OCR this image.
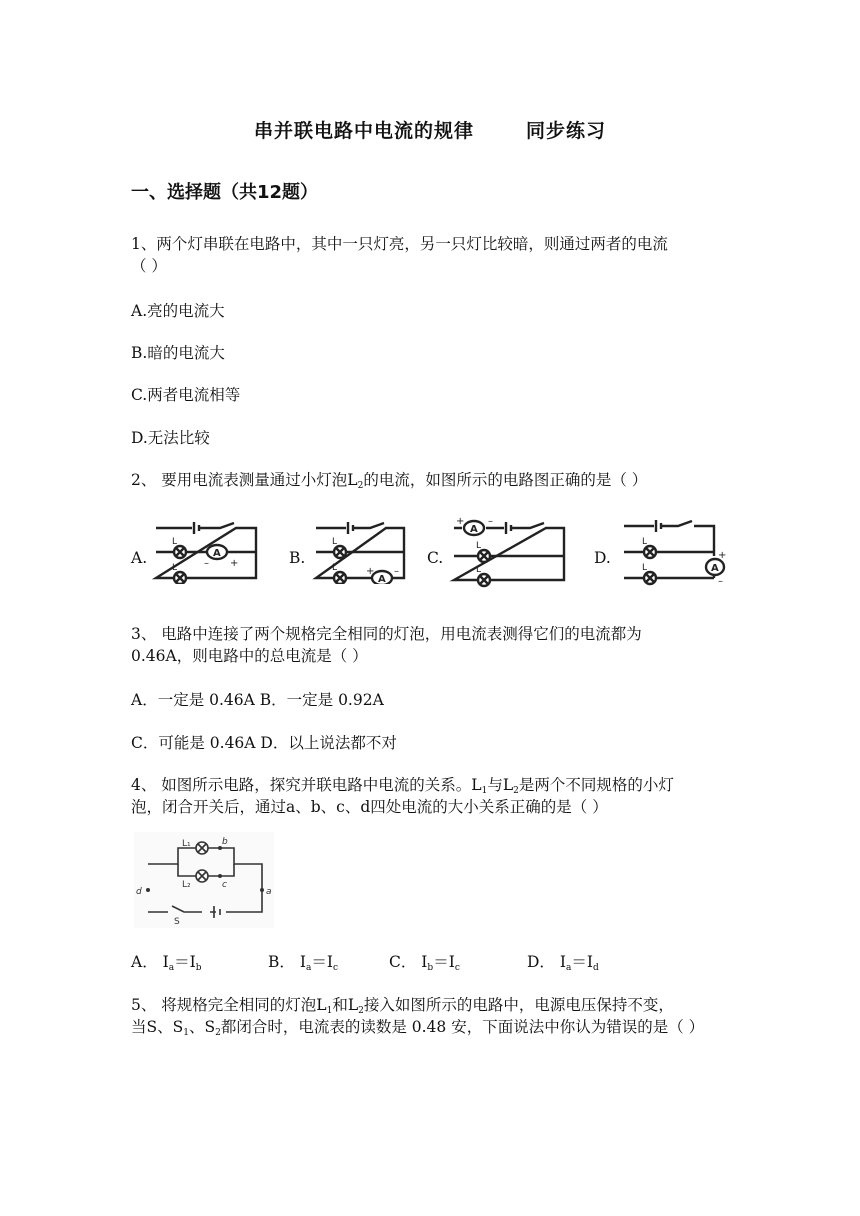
串并联电路中电流的规律	同步练习
一、选择题（共12题）
1、两个灯串联在电路中，其中一只灯亮，另一只灯比较暗，则通过两者的电流
（ ）
A.亮的电流大
B.暗的电流大
C.两者电流相等
D.无法比较
2、 要用电流表测量通过小灯泡$L_2$的电流，如图所示的电路图正确的是（ ）
A.	B.	C.	D.
A
L
L	– +
A
L
L	+ –
A
+ –
L
L	A
+
–
L
L
3、 电路中连接了两个规格完全相同的灯泡，用电流表测得它们的电流都为
0.46A，则电路中的总电流是（ ）
A．一定是 0.46A B．一定是 0.92A
C．可能是 0.46A D．以上说法都不对
4、 如图所示电路，探究并联电路中电流的关系。$L_1$与$L_2$是两个不同规格的小灯
泡，闭合开关后，通过a、b、c、d四处电流的大小关系正确的是（ ）
L₁
L₂
b
c
d	a
S
A． $I_a=I_b$	B． $I_a=I_c$	C． $I_b=I_c$	D． $I_a=I_d$
5、 将规格完全相同的灯泡$L_1$和$L_2$接入如图所示的电路中，电源电压保持不变，
当S、$S_1$、$S_2$都闭合时，电流表的读数是 0.48 安，下面说法中你认为错误的是（ ）
